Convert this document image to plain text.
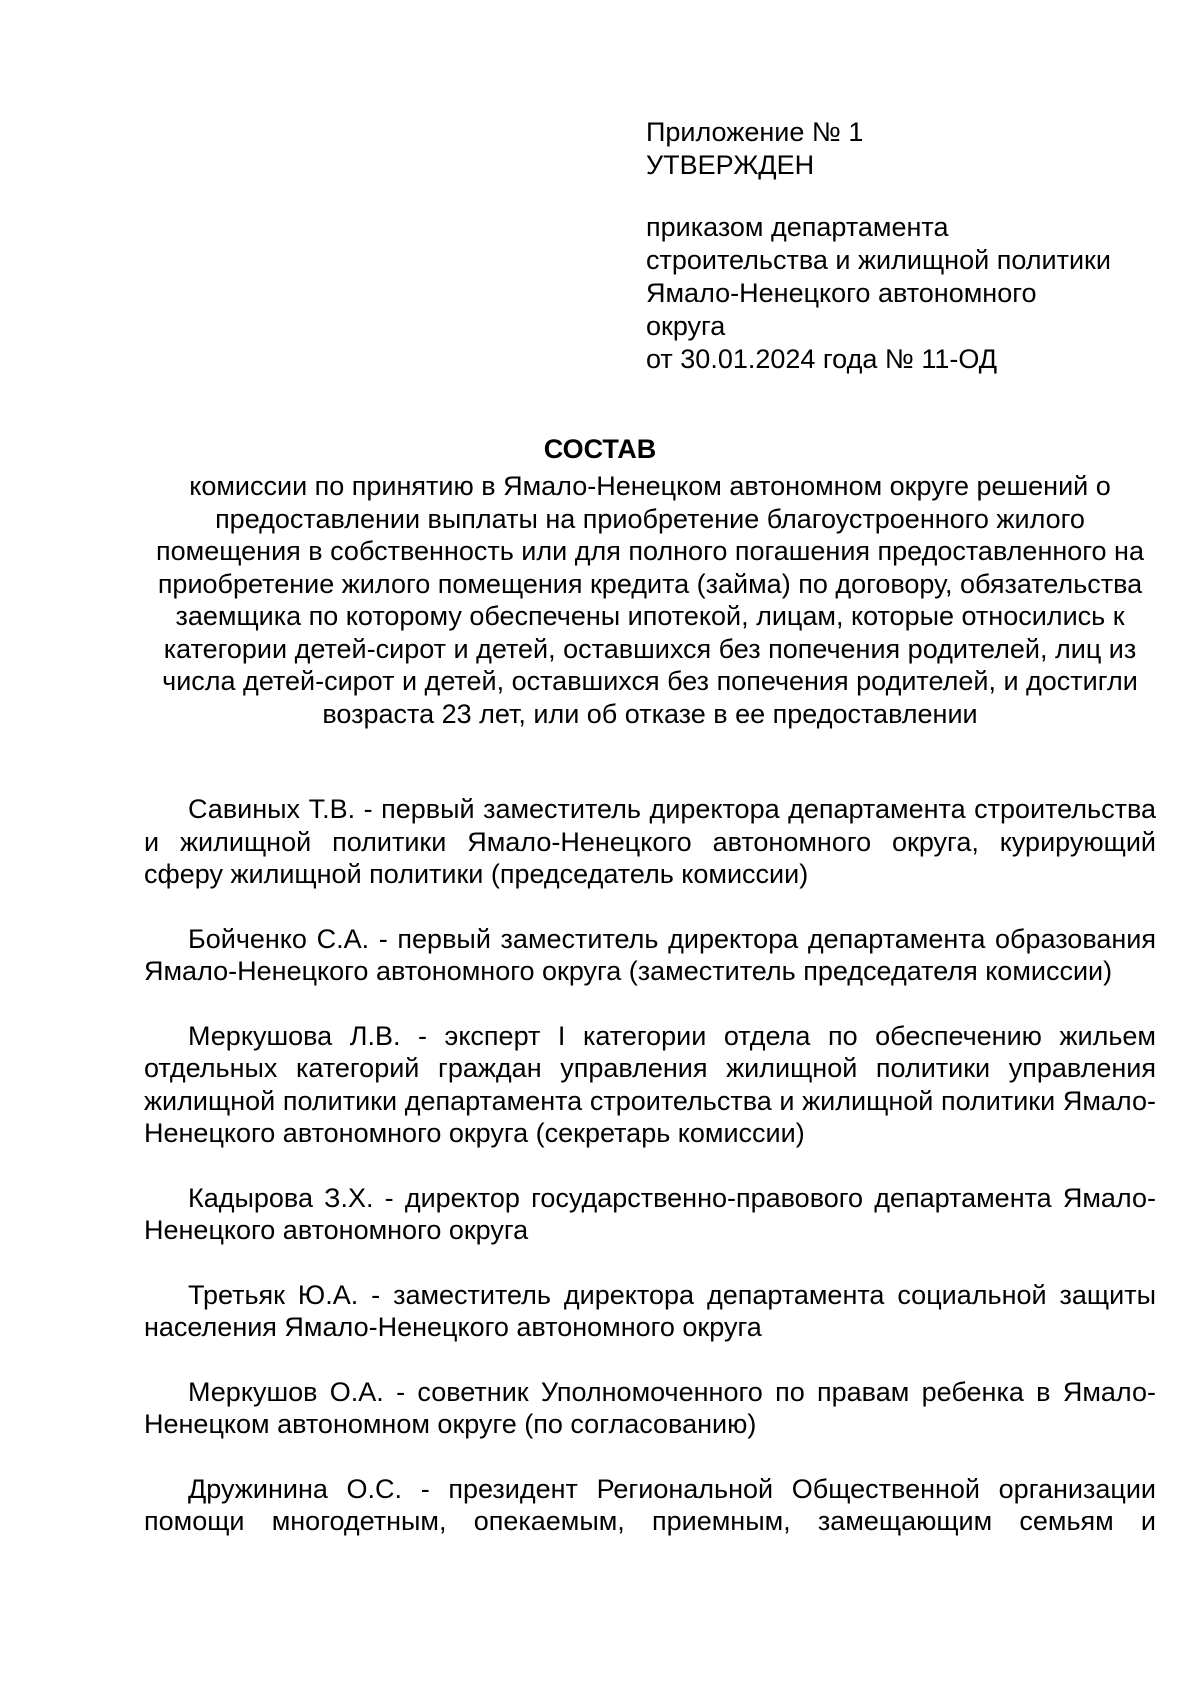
Приложение № 1
УТВЕРЖДЕН
приказом департамента
строительства и жилищной политики
Ямало-Ненецкого автономного
округа
от 30.01.2024 года № 11-ОД
СОСТАВ
комиссии по принятию в Ямало-Ненецком автономном округе решений о предоставлении выплаты на приобретение благоустроенного жилого помещения в собственность или для полного погашения предоставленного на приобретение жилого помещения кредита (займа) по договору, обязательства заемщика по которому обеспечены ипотекой, лицам, которые относились к категории детей-сирот и детей, оставшихся без попечения родителей, лиц из числа детей-сирот и детей, оставшихся без попечения родителей, и достигли возраста 23 лет, или об отказе в ее предоставлении

Савиных Т.В. - первый заместитель директора департамента строительства и жилищной политики Ямало-Ненецкого автономного округа, курирующий сферу жилищной политики (председатель комиссии)

Бойченко С.А. - первый заместитель директора департамента образования Ямало-Ненецкого автономного округа (заместитель председателя комиссии)

Меркушова Л.В. - эксперт I категории отдела по обеспечению жильем отдельных категорий граждан управления жилищной политики управления жилищной политики департамента строительства и жилищной политики Ямало-Ненецкого автономного округа (секретарь комиссии)

Кадырова З.Х. - директор государственно-правового департамента Ямало-Ненецкого автономного округа

Третьяк Ю.А. - заместитель директора департамента социальной защиты населения Ямало-Ненецкого автономного округа

Меркушов О.А. - советник Уполномоченного по правам ребенка в Ямало-Ненецком автономном округе (по согласованию)

Дружинина О.С. - президент Региональной Общественной организации помощи многодетным, опекаемым, приемным, замещающим семьям и
